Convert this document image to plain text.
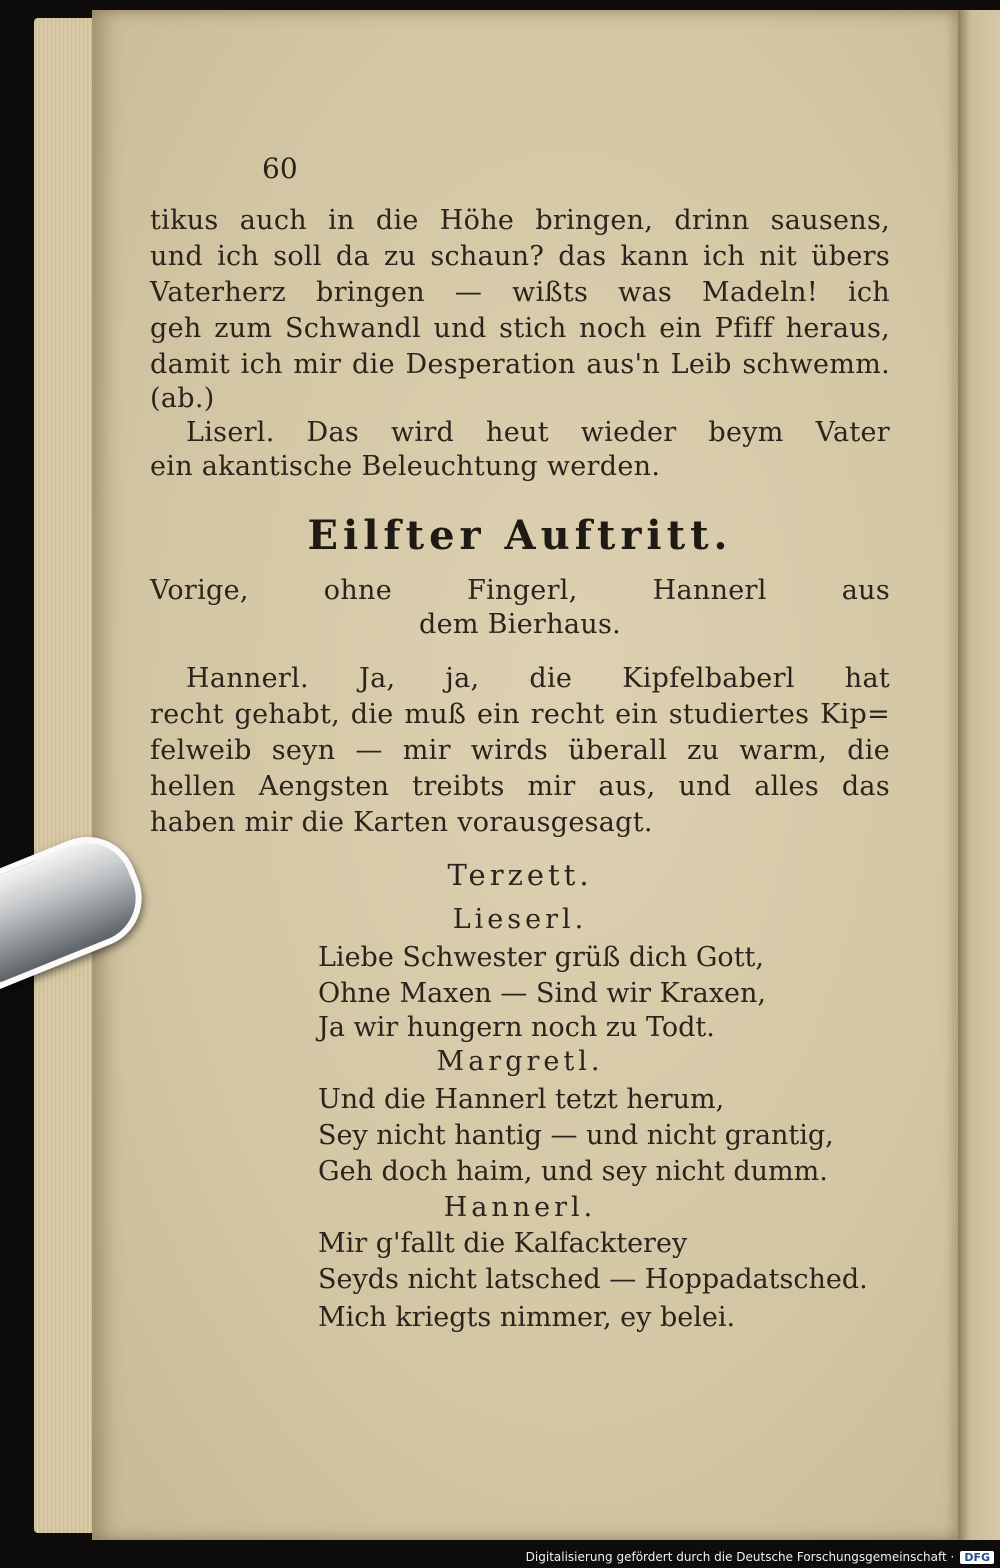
60
tikus auch in die Höhe bringen, drinn sausens,
und ich soll da zu schaun? das kann ich nit übers
Vaterherz bringen — wißts was Madeln! ich
geh zum Schwandl und stich noch ein Pfiff heraus,
damit ich mir die Desperation aus'n Leib schwemm.
(ab.)
Liserl. Das wird heut wieder beym Vater
ein akantische Beleuchtung werden.
Eilfter Auftritt.
Vorige, ohne Fingerl, Hannerl aus
dem Bierhaus.
Hannerl. Ja, ja, die Kipfelbaberl hat
recht gehabt, die muß ein recht ein studiertes Kip=
felweib seyn — mir wirds überall zu warm, die
hellen Aengsten treibts mir aus, und alles das
haben mir die Karten vorausgesagt.
Terzett.
Lieserl.
Liebe Schwester grüß dich Gott,
Ohne Maxen — Sind wir Kraxen,
Ja wir hungern noch zu Todt.
Margretl.
Und die Hannerl tetzt herum,
Sey nicht hantig — und nicht grantig,
Geh doch haim, und sey nicht dumm.
Hannerl.
Mir g'fallt die Kalfackterey
Seyds nicht latsched — Hoppadatsched.
Mich kriegts nimmer, ey belei.
Digitalisierung gefördert durch die Deutsche Forschungsgemeinschaft · DFG
